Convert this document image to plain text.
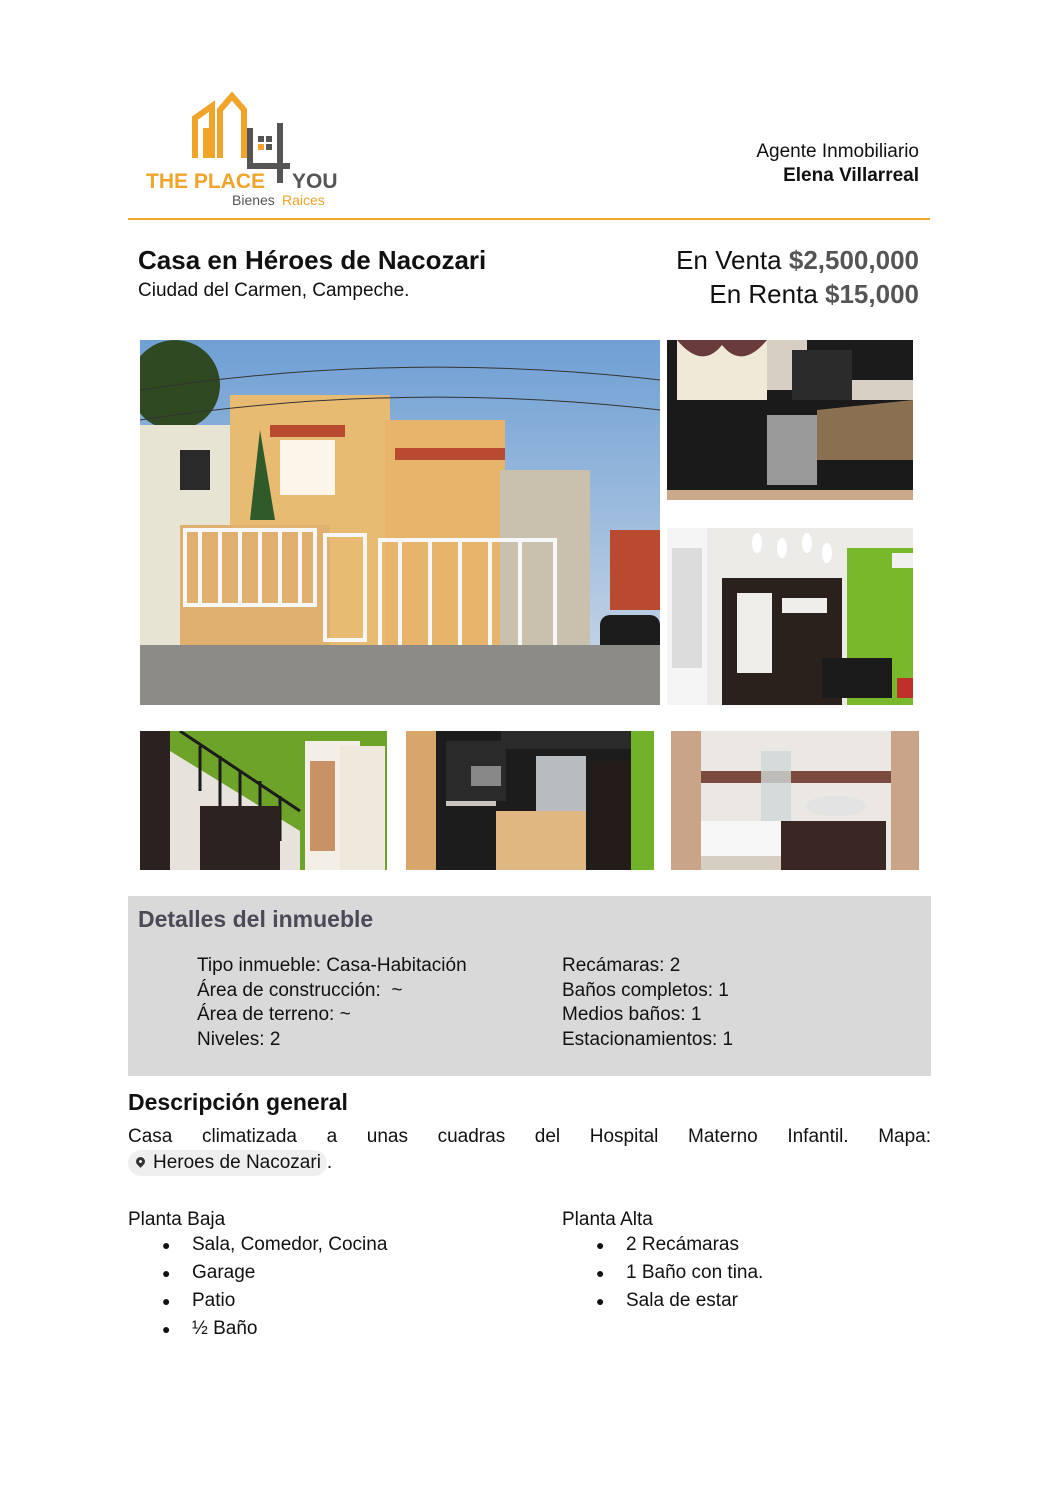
THE PLACE YOU
Bienes Raices
Agente Inmobiliario
Elena Villarreal
Casa en Héroes de Nacozari
Ciudad del Carmen, Campeche.
En Venta $2,500,000
En Renta $15,000
Detalles del inmueble
Tipo inmueble: Casa-Habitación
Área de construcción:  ~
Área de terreno: ~
Niveles: 2
Recámaras: 2
Baños completos: 1
Medios baños: 1
Estacionamientos: 1
Descripción general
Casa climatizada a unas cuadras del Hospital Materno Infantil. Mapa:
Heroes de Nacozari .
Planta Baja
● Sala, Comedor, Cocina
● Garage
● Patio
● ½ Baño
Planta Alta
● 2 Recámaras
● 1 Baño con tina.
● Sala de estar
